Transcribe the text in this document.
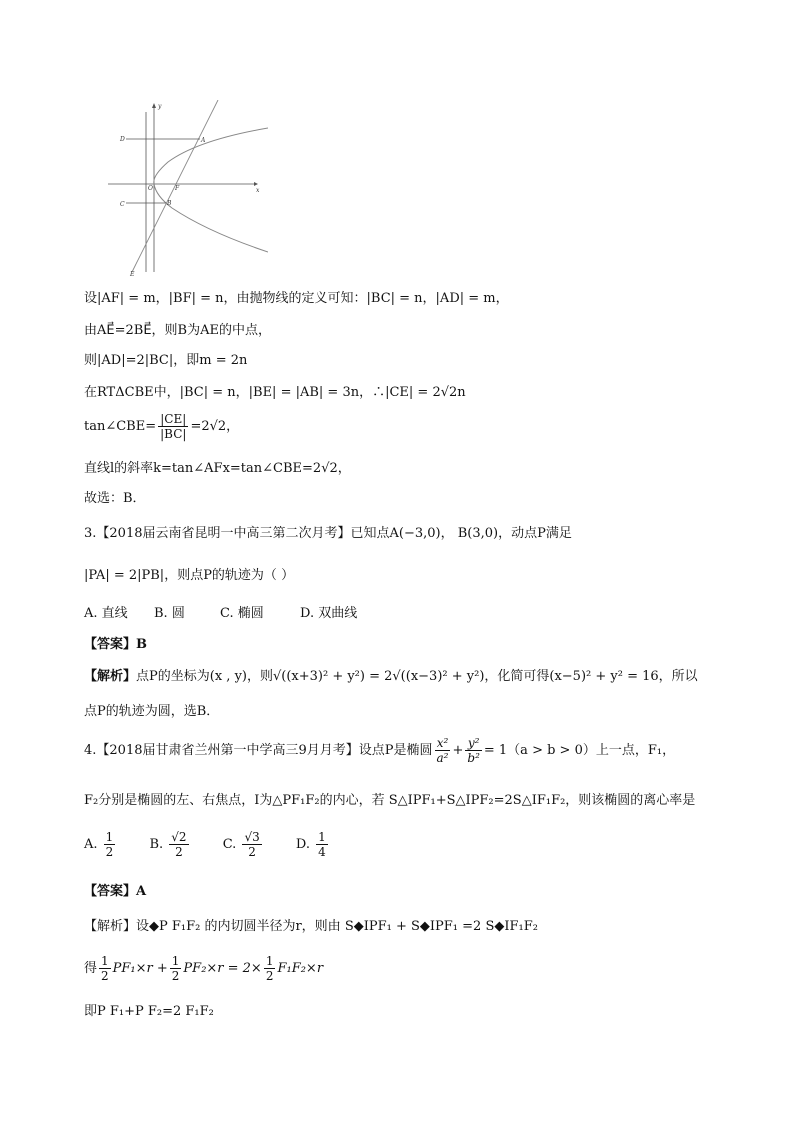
y
x
D	A
O	F
C	B
E
设|AF| = m，|BF| = n，由抛物线的定义可知：|BC| = n，|AD| = m，
由AE⃗=2BE⃗，则B为AE的中点，
则|AD|=2|BC|，即m = 2n
在RTΔCBE中，|BC| = n，|BE| = |AB| = 3n，∴|CE| = 2√2n
tan∠CBE= $\frac{|CE|}{|BC|} =2√2$，
直线l的斜率k=tan∠AFx=tan∠CBE=2√2，
故选：B．
3.【2018届云南省昆明一中高三第二次月考】已知点A(−3,0)， B(3,0)，动点P满足
|PA| = 2|PB|，则点P的轨迹为（ ）
A. 直线 B. 圆	C. 椭圆	D. 双曲线
【答案】B
【解析】点P的坐标为(x , y)，则√((x+3)² + y²) = 2√((x−3)² + y²)，化简可得(x−5)² + y² = 16，所以
点P的轨迹为圆，选B．
4.【2018届甘肃省兰州第一中学高三9月月考】设点P是椭圆 $\frac{\text{x²}}{\text{a²}} + \frac{\text{y²}}{\text{b²}} = 1(a > b > 0)$上一点，F₁，
F₂分别是椭圆的左、右焦点，I为△PF₁F₂的内心，若 S△IPF₁+S△IPF₂=2S△IF₁F₂，则该椭圆的离心率是
A. $\frac{1}{2}$	B. $\frac{√2}{2}$	C. $\frac{√3}{2}$	D. $\frac{1}{4}$
【答案】A
【解析】设◆P F₁F₂ 的内切圆半径为r，则由 S◆IPF₁ + S◆IPF₁ =2 S◆IF₁F₂
得 $\frac{1}{2} PF_1\times r + \frac{1}{2} PF_2\times r = 2\times \frac{1}{2} F_1F_2\times r$
即P F₁+P F₂=2 F₁F₂
